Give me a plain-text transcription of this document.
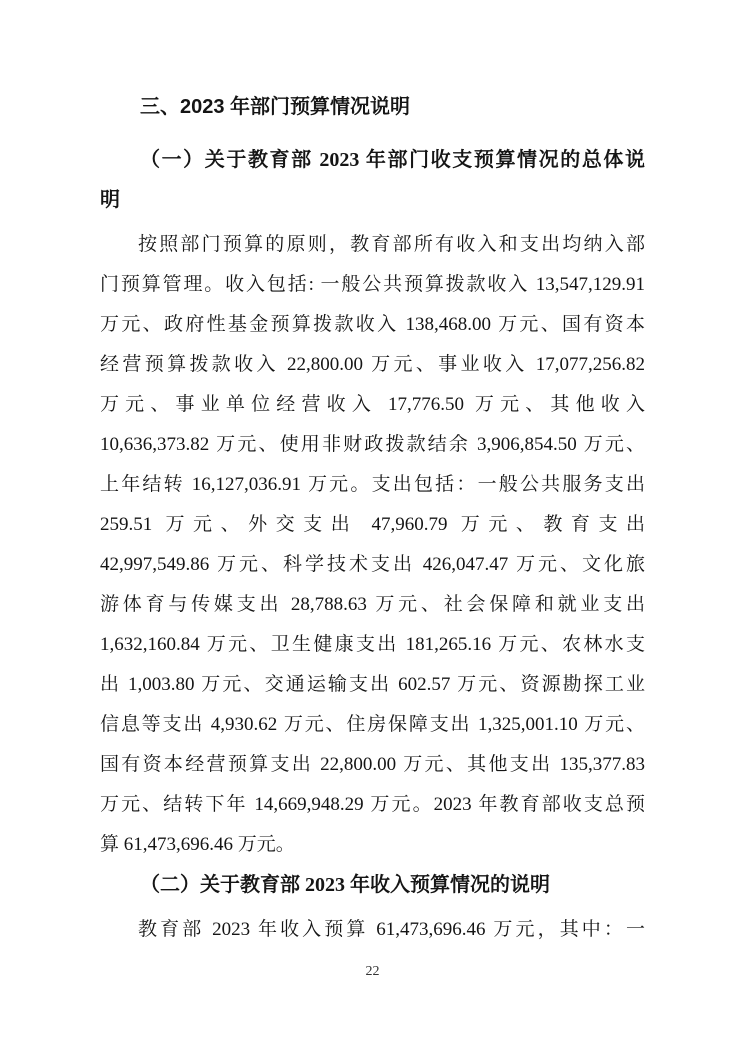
三、2023 年部门预算情况说明
（一）关于教育部 2023 年部门收支预算情况的总体说
明
按照部门预算的原则，教育部所有收入和支出均纳入部
门预算管理。收入包括: 一般公共预算拨款收入 13,547,129.91
万元、政府性基金预算拨款收入 138,468.00 万元、国有资本
经营预算拨款收入 22,800.00 万元、事业收入 17,077,256.82
万元、事业单位经营收入 17,776.50 万元、其他收入
10,636,373.82 万元、使用非财政拨款结余 3,906,854.50 万元、
上年结转 16,127,036.91 万元。支出包括：一般公共服务支出
259.51 万元、外交支出 47,960.79 万元、教育支出
42,997,549.86 万元、科学技术支出 426,047.47 万元、文化旅
游体育与传媒支出 28,788.63 万元、社会保障和就业支出
1,632,160.84 万元、卫生健康支出 181,265.16 万元、农林水支
出 1,003.80 万元、交通运输支出 602.57 万元、资源勘探工业
信息等支出 4,930.62 万元、住房保障支出 1,325,001.10 万元、
国有资本经营预算支出 22,800.00 万元、其他支出 135,377.83
万元、结转下年 14,669,948.29 万元。2023 年教育部收支总预
算 61,473,696.46 万元。
（二）关于教育部 2023 年收入预算情况的说明
教育部 2023 年收入预算 61,473,696.46 万元，其中：一
22
